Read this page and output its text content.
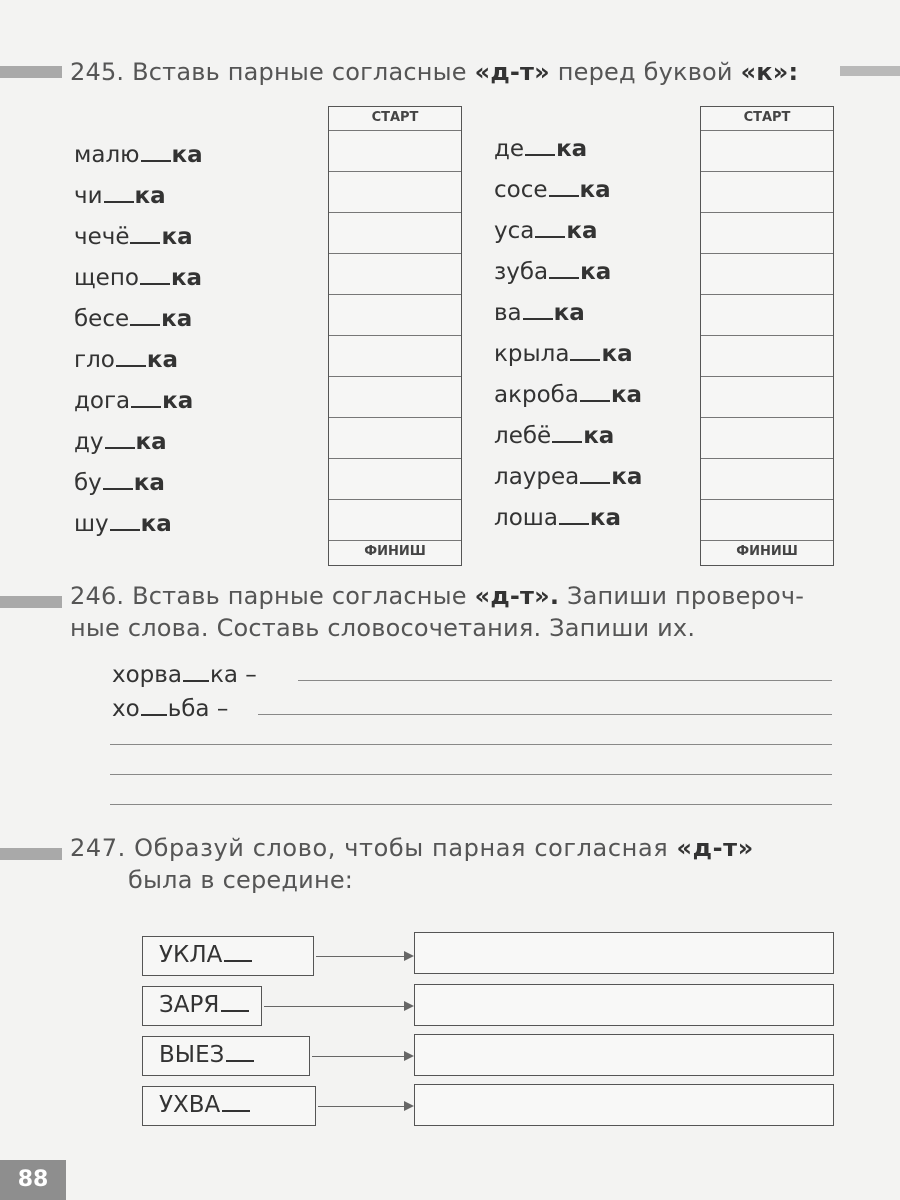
245. Вставь парные согласные «д-т» перед буквой «к»:
малю ка
чи ка
чечё ка
щепо ка
бесе ка
гло ка
дога ка
ду ка
бу ка
шу ка
де ка
сосе ка
уса ка
зуба ка
ва ка
крыла ка
акроба ка
лебё ка
лауреа ка
лоша ка
СТАРТ
ФИНИШ
СТАРТ
ФИНИШ
246. Вставь парные согласные «д-т». Запиши провероч-
ные слова. Составь словосочетания. Запиши их.
хорва ка –
хо ьба –
247. Образуй слово, чтобы парная согласная «д-т»
была в середине:
УКЛА
ЗАРЯ
ВЫЕЗ
УХВА
88
